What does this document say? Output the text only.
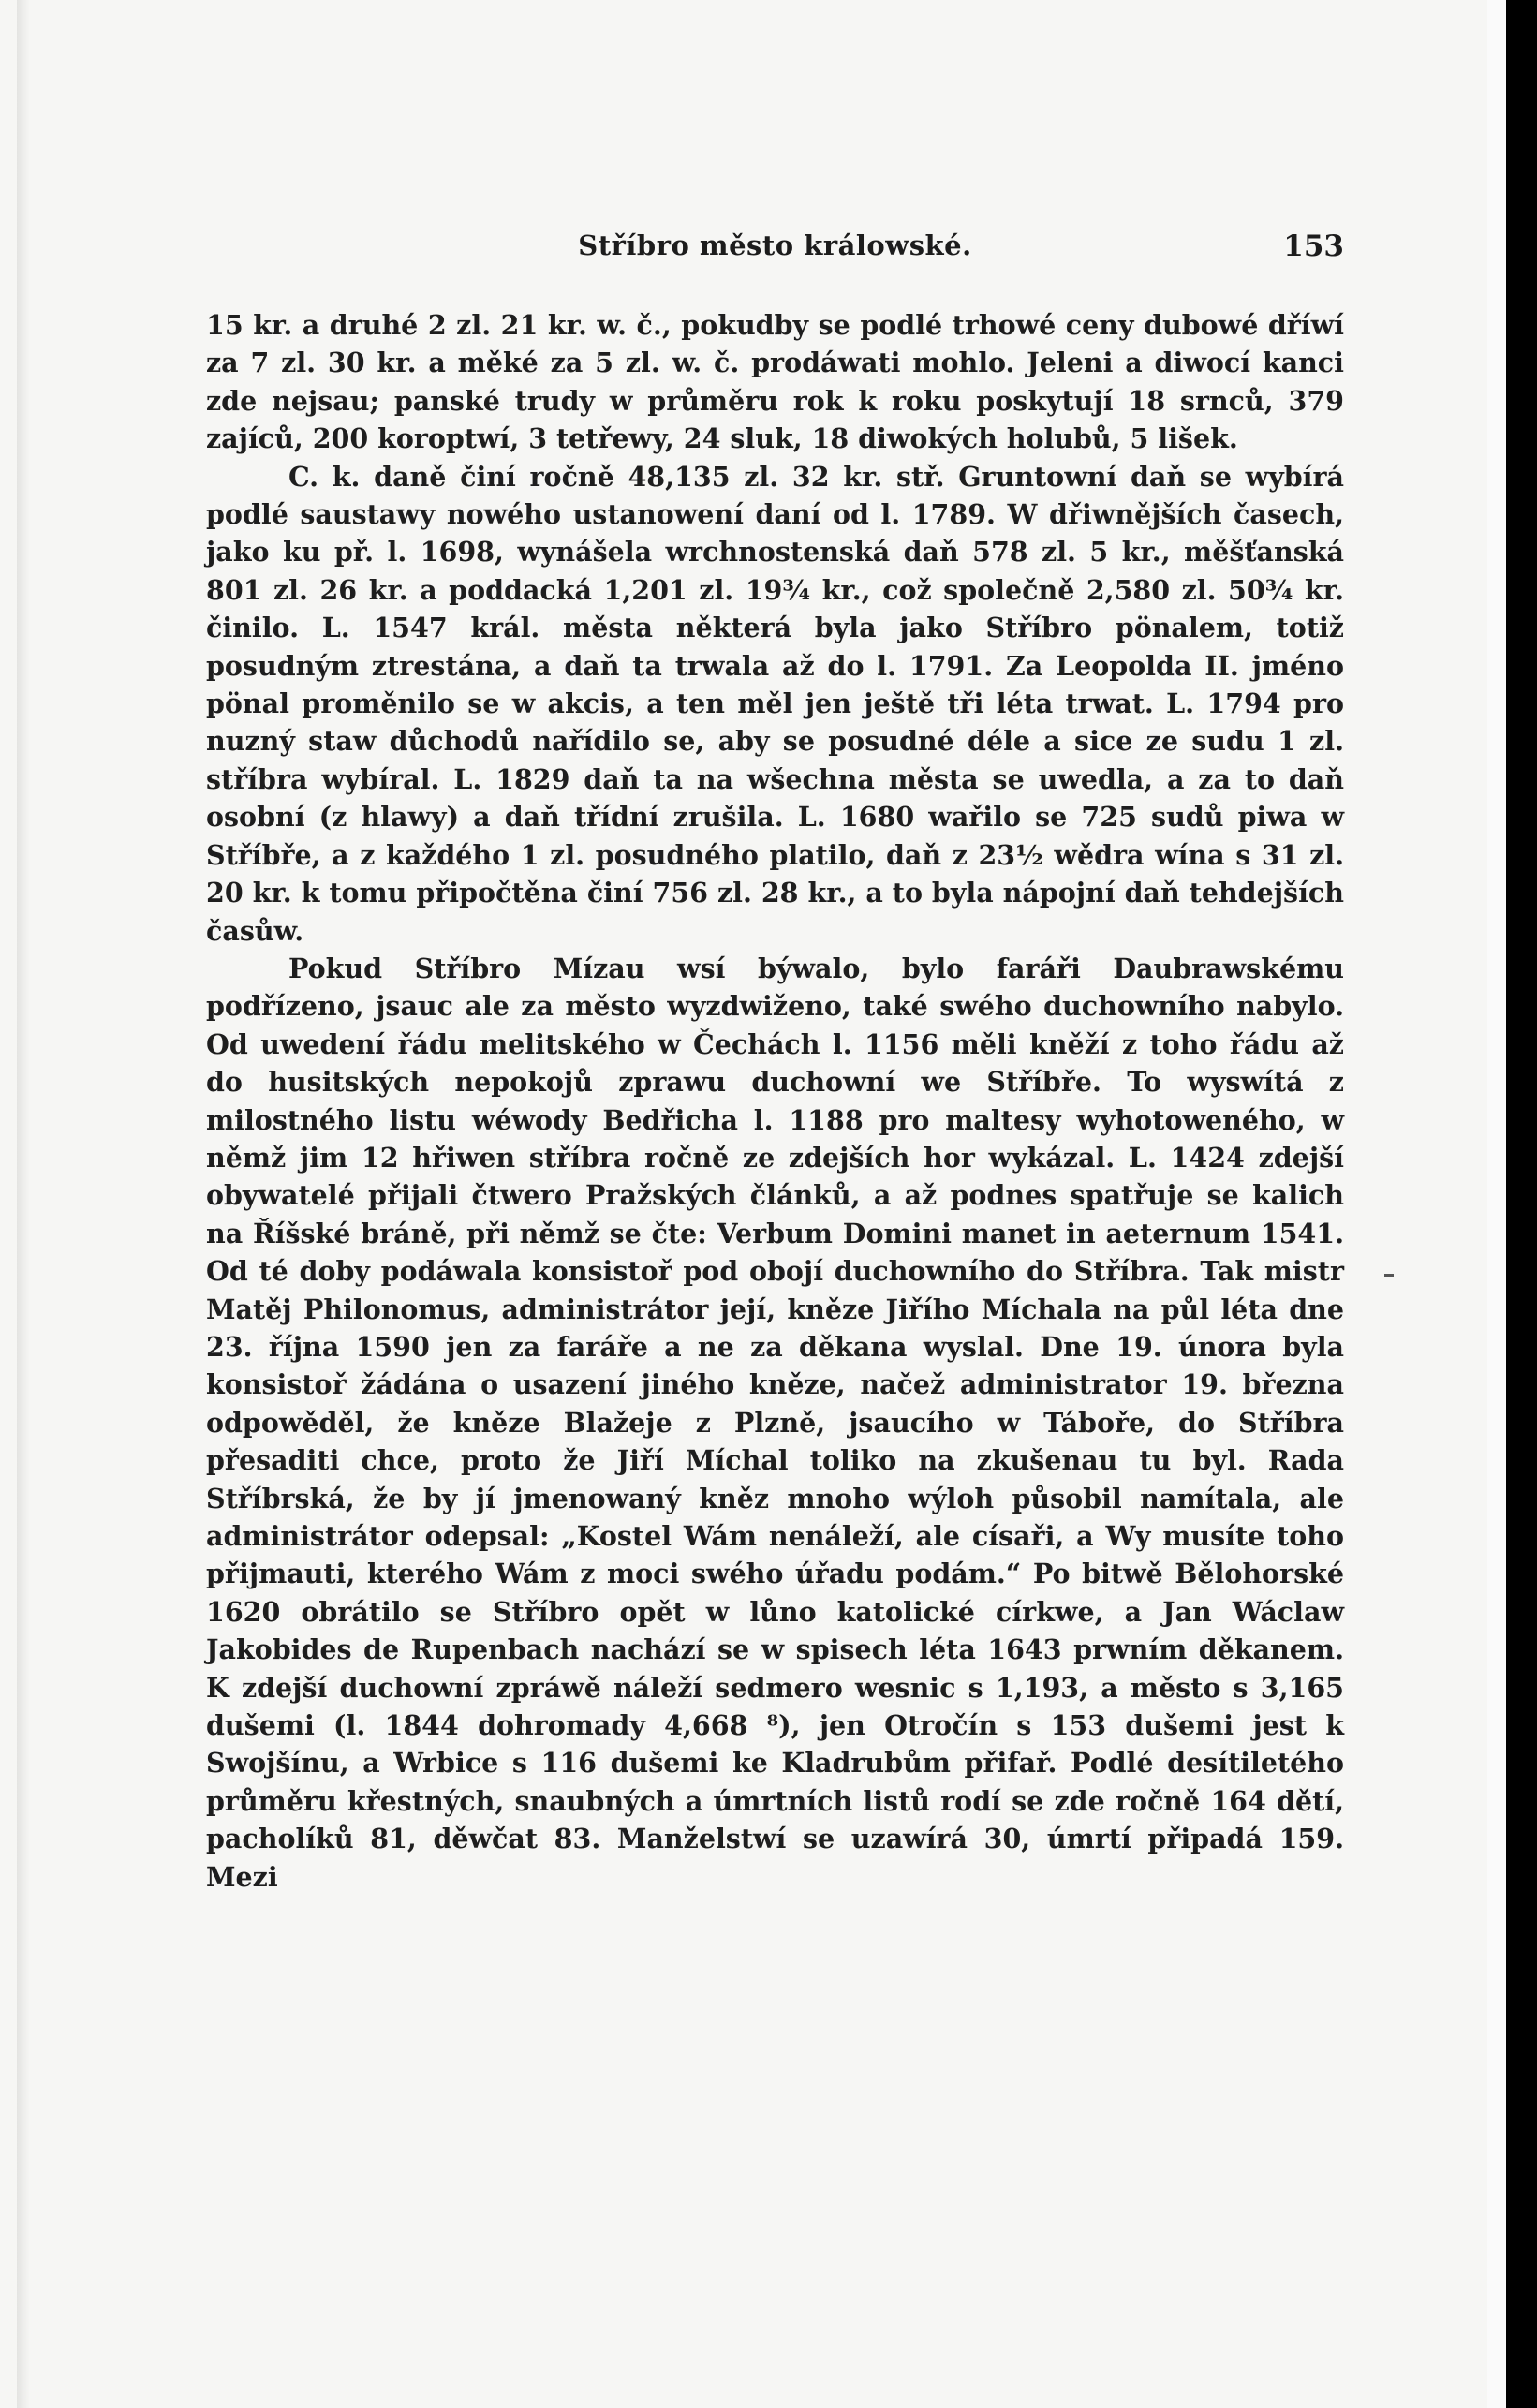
Stříbro město králowské.	153

15 kr. a druhé 2 zl. 21 kr. w. č., pokudby se podlé trhowé ceny dubowé dříwí za 7 zl. 30 kr. a měké za 5 zl. w. č. prodáwati mohlo. Jeleni a diwocí kanci zde nejsau; panské trudy w průměru rok k roku poskytují 18 srnců, 379 zajíců, 200 koroptwí, 3 tetřewy, 24 sluk, 18 diwokých holubů, 5 lišek.

C. k. daně činí ročně 48,135 zl. 32 kr. stř. Gruntowní daň se wybírá podlé saustawy nowého ustanowení daní od l. 1789. W dřiwnějších časech, jako ku př. l. 1698, wynášela wrchnostenská daň 578 zl. 5 kr., měšťanská 801 zl. 26 kr. a poddacká 1,201 zl. 19¾ kr., což společně 2,580 zl. 50¾ kr. činilo. L. 1547 král. města některá byla jako Stříbro pönalem, totiž posudným ztrestána, a daň ta trwala až do l. 1791. Za Leopolda II. jméno pönal proměnilo se w akcis, a ten měl jen ještě tři léta trwat. L. 1794 pro nuzný staw důchodů nařídilo se, aby se posudné déle a sice ze sudu 1 zl. stříbra wybíral. L. 1829 daň ta na wšechna města se uwedla, a za to daň osobní (z hlawy) a daň třídní zrušila. L. 1680 wařilo se 725 sudů piwa w Stříbře, a z každého 1 zl. posudného platilo, daň z 23½ wědra wína s 31 zl. 20 kr. k tomu připočtěna činí 756 zl. 28 kr., a to byla nápojní daň tehdejších časůw.

Pokud Stříbro Mízau wsí býwalo, bylo faráři Daubrawskému podřízeno, jsauc ale za město wyzdwiženo, také swého duchowního nabylo. Od uwedení řádu melitského w Čechách l. 1156 měli kněží z toho řádu až do husitských nepokojů zprawu duchowní we Stříbře. To wyswítá z milostného listu wéwody Bedřicha l. 1188 pro maltesy wyhotoweného, w němž jim 12 hřiwen stříbra ročně ze zdejších hor wykázal. L. 1424 zdejší obywatelé přijali čtwero Pražských článků, a až podnes spatřuje se kalich na Říšské bráně, při němž se čte: Verbum Domini manet in aeternum 1541. Od té doby podáwala konsistoř pod obojí duchowního do Stříbra. Tak mistr Matěj Philonomus, administrátor její, kněze Jiřího Míchala na půl léta dne 23. října 1590 jen za faráře a ne za děkana wyslal. Dne 19. února byla konsistoř žádána o usazení jiného kněze, načež administrator 19. března odpowěděl, že kněze Blažeje z Plzně, jsaucího w Táboře, do Stříbra přesaditi chce, proto že Jiří Míchal toliko na zkušenau tu byl. Rada Stříbrská, že by jí jmenowaný kněz mnoho wýloh působil namítala, ale administrátor odepsal: „Kostel Wám nenáleží, ale císaři, a Wy musíte toho přijmauti, kterého Wám z moci swého úřadu podám.“ Po bitwě Bělohorské 1620 obrátilo se Stříbro opět w lůno katolické církwe, a Jan Wáclaw Jakobides de Rupenbach nachází se w spisech léta 1643 prwním děkanem. K zdejší duchowní zpráwě náleží sedmero wesnic s 1,193, a město s 3,165 dušemi (l. 1844 dohromady 4,668 ⁸), jen Otročín s 153 dušemi jest k Swojšínu, a Wrbice s 116 dušemi ke Kladrubům přifař. Podlé desítiletého průměru křestných, snaubných a úmrtních listů rodí se zde ročně 164 dětí, pacholíků 81, děwčat 83. Manželstwí se uzawírá 30, úmrtí připadá 159. Mezi
